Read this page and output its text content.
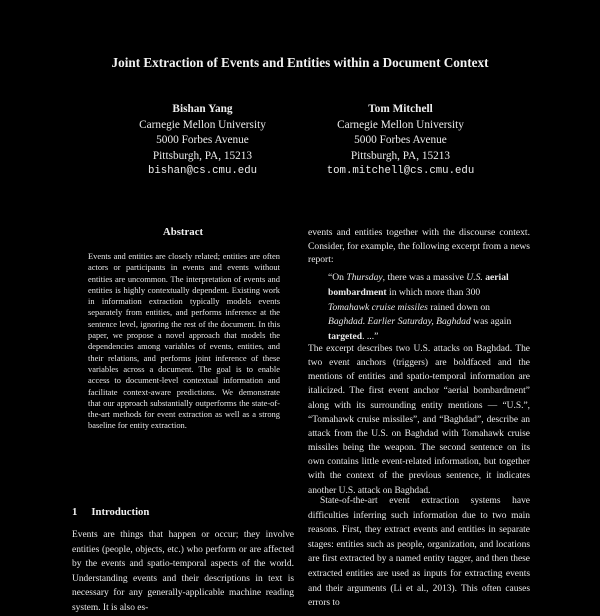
Joint Extraction of Events and Entities within a Document Context
Bishan Yang
Carnegie Mellon University
5000 Forbes Avenue
Pittsburgh, PA, 15213
bishan@cs.cmu.edu
Tom Mitchell
Carnegie Mellon University
5000 Forbes Avenue
Pittsburgh, PA, 15213
tom.mitchell@cs.cmu.edu
Abstract

Events and entities are closely related; entities are often actors or participants in events and events without entities are uncommon. The interpretation of events and entities is highly contextually dependent. Existing work in information extraction typically models events separately from entities, and performs inference at the sentence level, ignoring the rest of the document. In this paper, we propose a novel approach that models the dependencies among variables of events, entities, and their relations, and performs joint inference of these variables across a document. The goal is to enable access to document-level contextual information and facilitate context-aware predictions. We demonstrate that our approach substantially outperforms the state-of-the-art methods for event extraction as well as a strong baseline for entity extraction.

1 Introduction

Events are things that happen or occur; they involve entities (people, objects, etc.) who perform or are affected by the events and spatio-temporal aspects of the world. Understanding events and their descriptions in text is necessary for any generally-applicable machine reading system. It is also es-

events and entities together with the discourse context. Consider, for example, the following excerpt from a news report:

“On Thursday, there was a massive U.S. aerial bombardment in which more than 300 Tomahawk cruise missiles rained down on Baghdad. Earlier Saturday, Baghdad was again targeted. ...”

The excerpt describes two U.S. attacks on Baghdad. The two event anchors (triggers) are boldfaced and the mentions of entities and spatio-temporal information are italicized. The first event anchor “aerial bombardment” along with its surrounding entity mentions — “U.S.”, “Tomahawk cruise missiles”, and “Baghdad”, describe an attack from the U.S. on Baghdad with Tomahawk cruise missiles being the weapon. The second sentence on its own contains little event-related information, but together with the context of the previous sentence, it indicates another U.S. attack on Baghdad.

State-of-the-art event extraction systems have difficulties inferring such information due to two main reasons. First, they extract events and entities in separate stages: entities such as people, organization, and locations are first extracted by a named entity tagger, and then these extracted entities are used as inputs for extracting events and their arguments (Li et al., 2013). This often causes errors to
